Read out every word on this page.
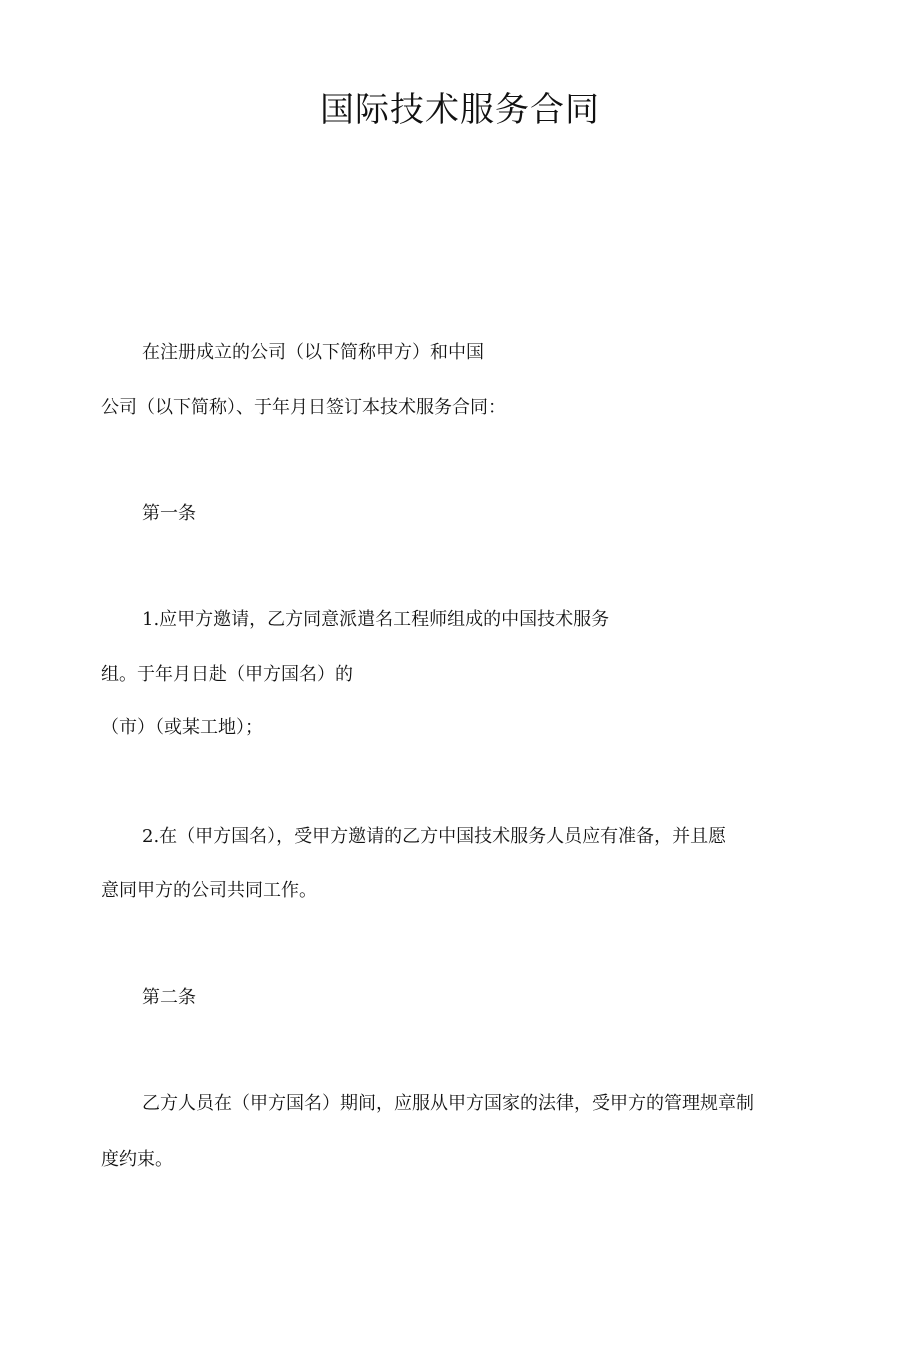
国际技术服务合同
在注册成立的公司（以下简称甲方）和中国
公司（以下简称）、于年月日签订本技术服务合同：
第一条
1.应甲方邀请，乙方同意派遣名工程师组成的中国技术服务
组。于年月日赴（甲方国名）的
（市）（或某工地）；
2.在（甲方国名），受甲方邀请的乙方中国技术服务人员应有准备，并且愿
意同甲方的公司共同工作。
第二条
乙方人员在（甲方国名）期间，应服从甲方国家的法律，受甲方的管理规章制
度约束。
